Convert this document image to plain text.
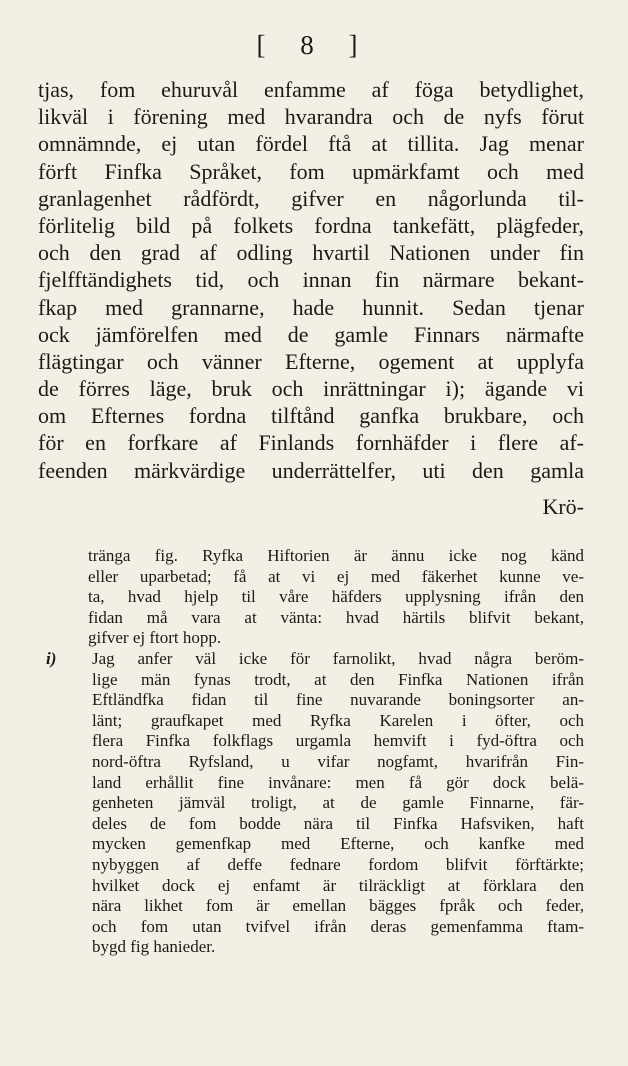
[ 8 ]
tjas, fom ehuruvål enfamme af föga betydlighet,
likväl i förening med hvarandra och de nyfs förut
omnämnde, ej utan fördel ftå at tillita. Jag menar
förft Finfka Språket, fom upmärkfamt och med
granlagenhet rådfördt, gifver en någorlunda til-
förlitelig bild på folkets fordna tankefätt, plägfeder,
och den grad af odling hvartil Nationen under fin
fjelfftändighets tid, och innan fin närmare bekant-
fkap med grannarne, hade hunnit. Sedan tjenar
ock jämförelfen med de gamle Finnars närmafte
flägtingar och vänner Efterne, ogement at upplyfa
de förres läge, bruk och inrättningar i); ägande vi
om Efternes fordna tilftånd ganfka brukbare, och
för en forfkare af Finlands fornhäfder i flere af-
feenden märkvärdige underrättelfer, uti den gamla
Krö-
tränga fig. Ryfka Hiftorien är ännu icke nog känd
eller uparbetad; få at vi ej med fäkerhet kunne ve-
ta, hvad hjelp til våre häfders upplysning ifrån den
fidan må vara at vänta: hvad härtils blifvit bekant,
gifver ej ftort hopp.
i)	Jag anfer väl icke för farnolikt, hvad några beröm-
lige män fynas trodt, at den Finfka Nationen ifrån
Eftländfka fidan til fine nuvarande boningsorter an-
länt; graufkapet med Ryfka Karelen i öfter, och
flera Finfka folkflags urgamla hemvift i fyd-öftra och
nord-öftra Ryfsland, u vifar nogfamt, hvarifrån Fin-
land erhållit fine invånare: men få gör dock belä-
genheten jämväl troligt, at de gamle Finnarne, fär-
deles de fom bodde nära til Finfka Hafsviken, haft
mycken gemenfkap med Efterne, och kanfke med
nybyggen af deffe fednare fordom blifvit förftärkte;
hvilket dock ej enfamt är tilräckligt at förklara den
nära likhet fom är emellan bägges fpråk och feder,
och fom utan tvifvel ifrån deras gemenfamma ftam-
bygd fig hanieder.
